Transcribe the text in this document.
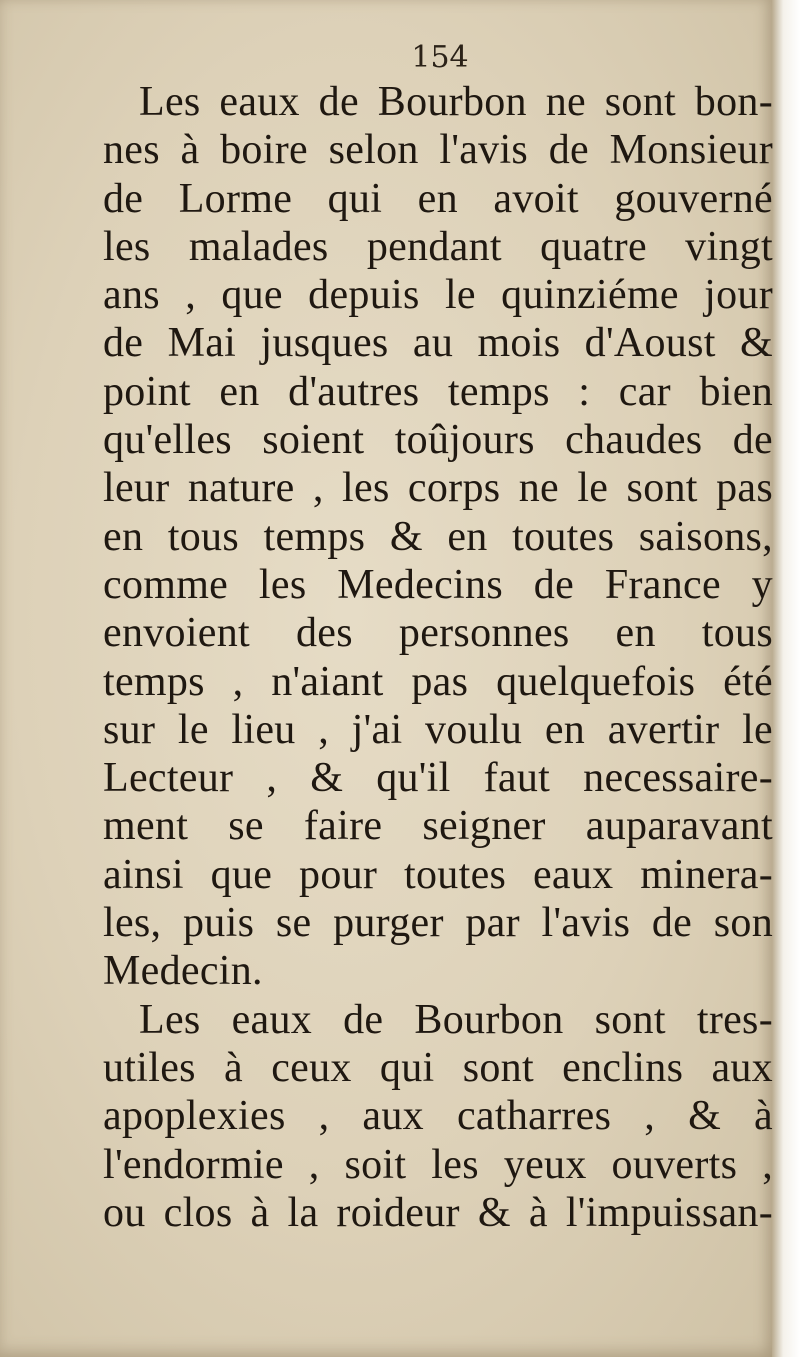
154
Les eaux de Bourbon ne sont bon-
nes à boire selon l'avis de Monsieur
de Lorme qui en avoit gouverné
les malades pendant quatre vingt
ans , que depuis le quinziéme jour
de Mai jusques au mois d'Aoust &
point en d'autres temps : car bien
qu'elles soient toûjours chaudes de
leur nature , les corps ne le sont pas
en tous temps & en toutes saisons,
comme les Medecins de France y
envoient des personnes en tous
temps , n'aiant pas quelquefois été
sur le lieu , j'ai voulu en avertir le
Lecteur , & qu'il faut necessaire-
ment se faire seigner auparavant
ainsi que pour toutes eaux minera-
les, puis se purger par l'avis de son
Medecin.
Les eaux de Bourbon sont tres-
utiles à ceux qui sont enclins aux
apoplexies , aux catharres , & à
l'endormie , soit les yeux ouverts ,
ou clos à la roideur & à l'impuissan-
